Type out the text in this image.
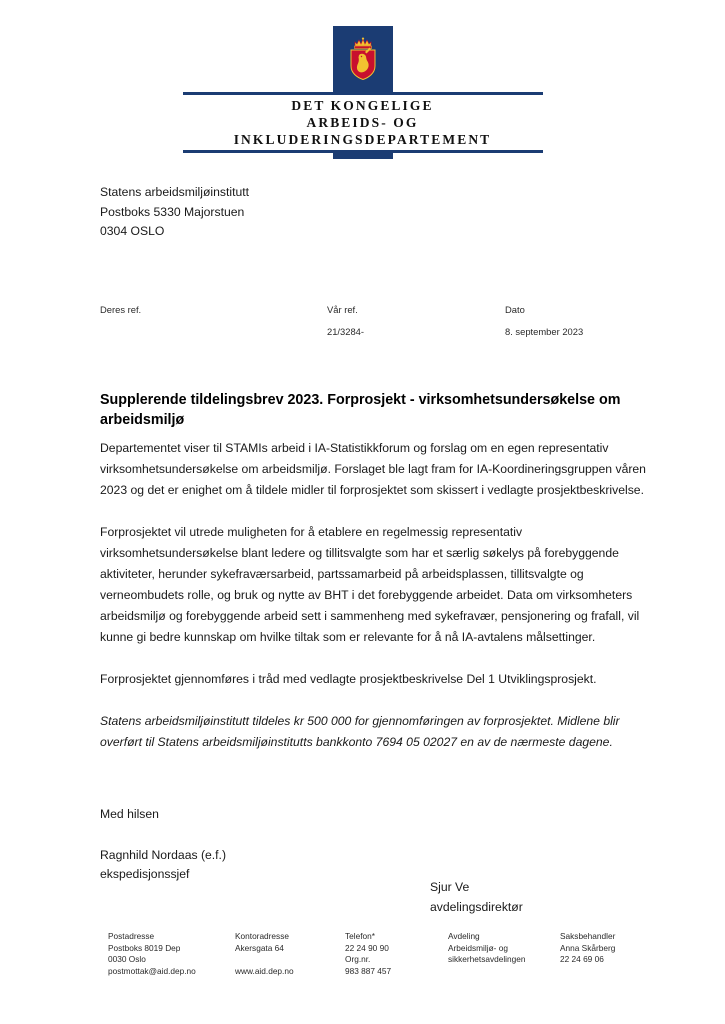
DET KONGELIGE
ARBEIDS- OG INKLUDERINGSDEPARTEMENT
Statens arbeidsmiljøinstitutt
Postboks 5330 Majorstuen
0304 OSLO
Deres ref.	Vår ref.
21/3284-
Dato
8. september 2023
Supplerende tildelingsbrev 2023. Forprosjekt - virksomhetsundersøkelse om arbeidsmiljø

Departementet viser til STAMIs arbeid i IA-Statistikkforum og forslag om en egen representativ virksomhetsundersøkelse om arbeidsmiljø. Forslaget ble lagt fram for IA-Koordineringsgruppen våren 2023 og det er enighet om å tildele midler til forprosjektet som skissert i vedlagte prosjektbeskrivelse.

Forprosjektet vil utrede muligheten for å etablere en regelmessig representativ virksomhetsundersøkelse blant ledere og tillitsvalgte som har et særlig søkelys på forebyggende aktiviteter, herunder sykefraværsarbeid, partssamarbeid på arbeidsplassen, tillitsvalgte og verneombudets rolle, og bruk og nytte av BHT i det forebyggende arbeidet. Data om virksomheters arbeidsmiljø og forebyggende arbeid sett i sammenheng med sykefravær, pensjonering og frafall, vil kunne gi bedre kunnskap om hvilke tiltak som er relevante for å nå IA-avtalens målsettinger.

Forprosjektet gjennomføres i tråd med vedlagte prosjektbeskrivelse Del 1 Utviklingsprosjekt.

Statens arbeidsmiljøinstitutt tildeles kr 500 000 for gjennomføringen av forprosjektet. Midlene blir overført til Statens arbeidsmiljøinstitutts bankkonto 7694 05 02027 en av de nærmeste dagene.

Med hilsen
Ragnhild Nordaas (e.f.)
ekspedisjonssjef
Sjur Ve
avdelingsdirektør
Postadresse
Postboks 8019 Dep
0030 Oslo
postmottak@aid.dep.no
Kontoradresse
Akersgata 64
www.aid.dep.no
Telefon*
22 24 90 90
Org.nr.
983 887 457
Avdeling
Arbeidsmiljø- og
sikkerhetsavdelingen
Saksbehandler
Anna Skårberg
22 24 69 06
